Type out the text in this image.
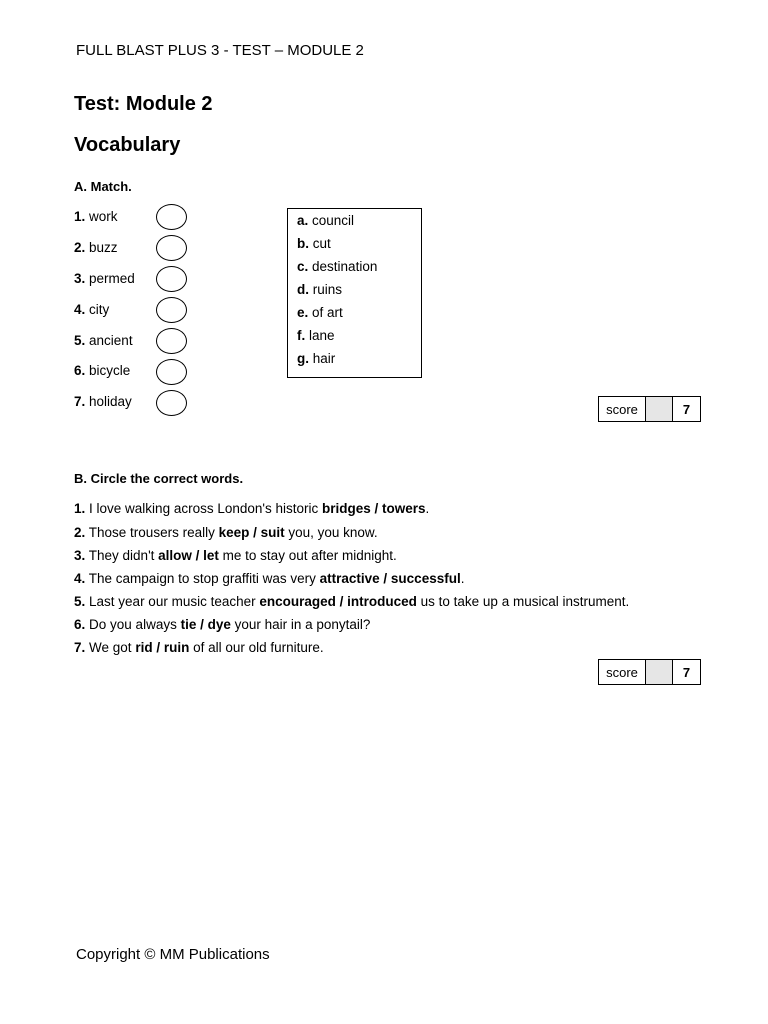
FULL BLAST PLUS 3 - TEST – MODULE 2
Test: Module 2
Vocabulary
A. Match.
1. work
2. buzz
3. permed
4. city
5. ancient
6. bicycle
7. holiday
a. council
b. cut
c. destination
d. ruins
e. of art
f. lane
g. hair
score	7
B. Circle the correct words.
1. I love walking across London's historic bridges / towers.
2. Those trousers really keep / suit you, you know.
3. They didn't allow / let me to stay out after midnight.
4. The campaign to stop graffiti was very attractive / successful.
5. Last year our music teacher encouraged / introduced us to take up a musical instrument.
6. Do you always tie / dye your hair in a ponytail?
7. We got rid / ruin of all our old furniture.
score	7
Copyright © MM Publications
